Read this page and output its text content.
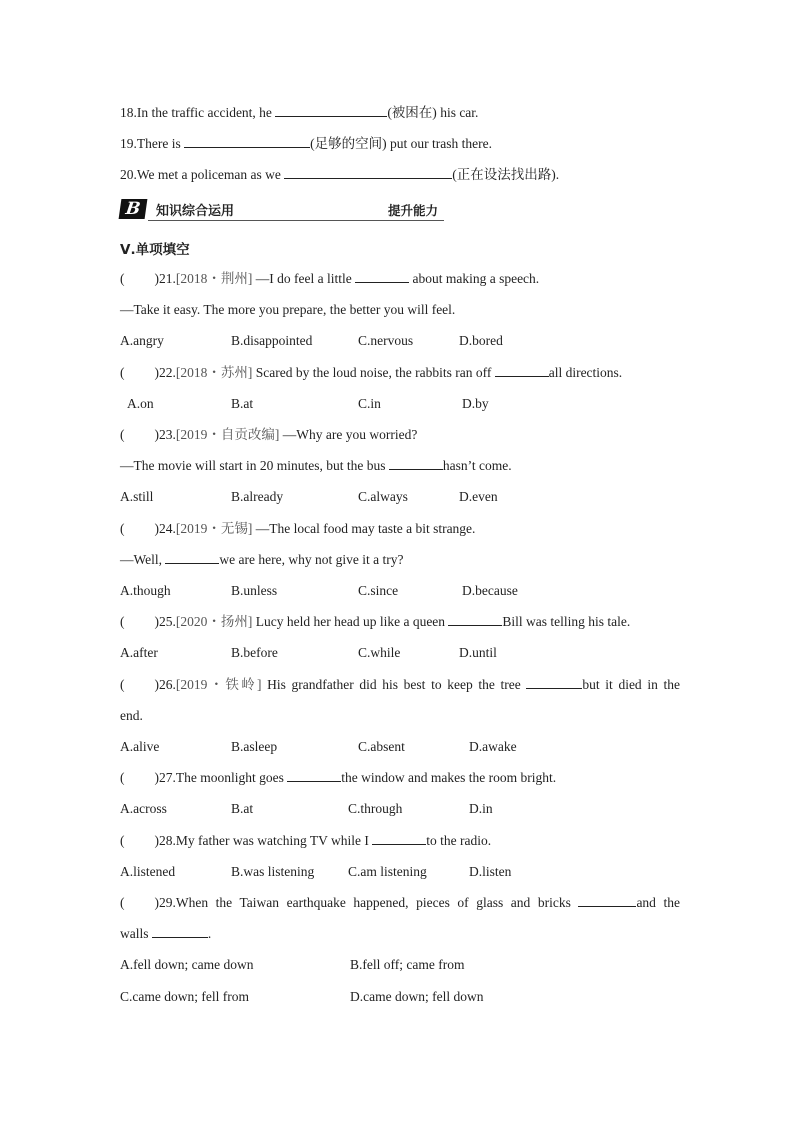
18.In the traffic accident, he	(被困在) his car.
19.There is	(足够的空间) put our trash there.
20.We met a policeman as we	(正在设法找出路).
B	知识综合运用	提升能力
Ⅴ.单项填空
( )21.[2018・荆州] —I do feel a little	about making a speech.
—Take it easy. The more you prepare, the better you will feel.
A.angry	B.disappointed	C.nervous	D.bored
( )22.[2018・苏州] Scared by the loud noise, the rabbits ran off	all directions.
A.on	B.at	C.in	D.by
( )23.[2019・自贡改编] —Why are you worried?
—The movie will start in 20 minutes, but the bus	hasn’t come.
A.still	B.already	C.always	D.even
( )24.[2019・无锡] —The local food may taste a bit strange.
—Well,	we are here, why not give it a try?
A.though	B.unless	C.since	D.because
( )25.[2020・扬州] Lucy held her head up like a queen	Bill was telling his tale.
A.after	B.before	C.while	D.until
( )26.[2019・铁岭] His grandfather did his best to keep the tree	but it died in the
end.
A.alive	B.asleep	C.absent	D.awake
( )27.The moonlight goes	the window and makes the room bright.
A.across	B.at	C.through	D.in
( )28.My father was watching TV while I	to the radio.
A.listened	B.was listening	C.am listening	D.listen
( )29.When the Taiwan earthquake happened, pieces of glass and bricks	and the
walls	.
A.fell down; came down	B.fell off; came from
C.came down; fell from	D.came down; fell down
